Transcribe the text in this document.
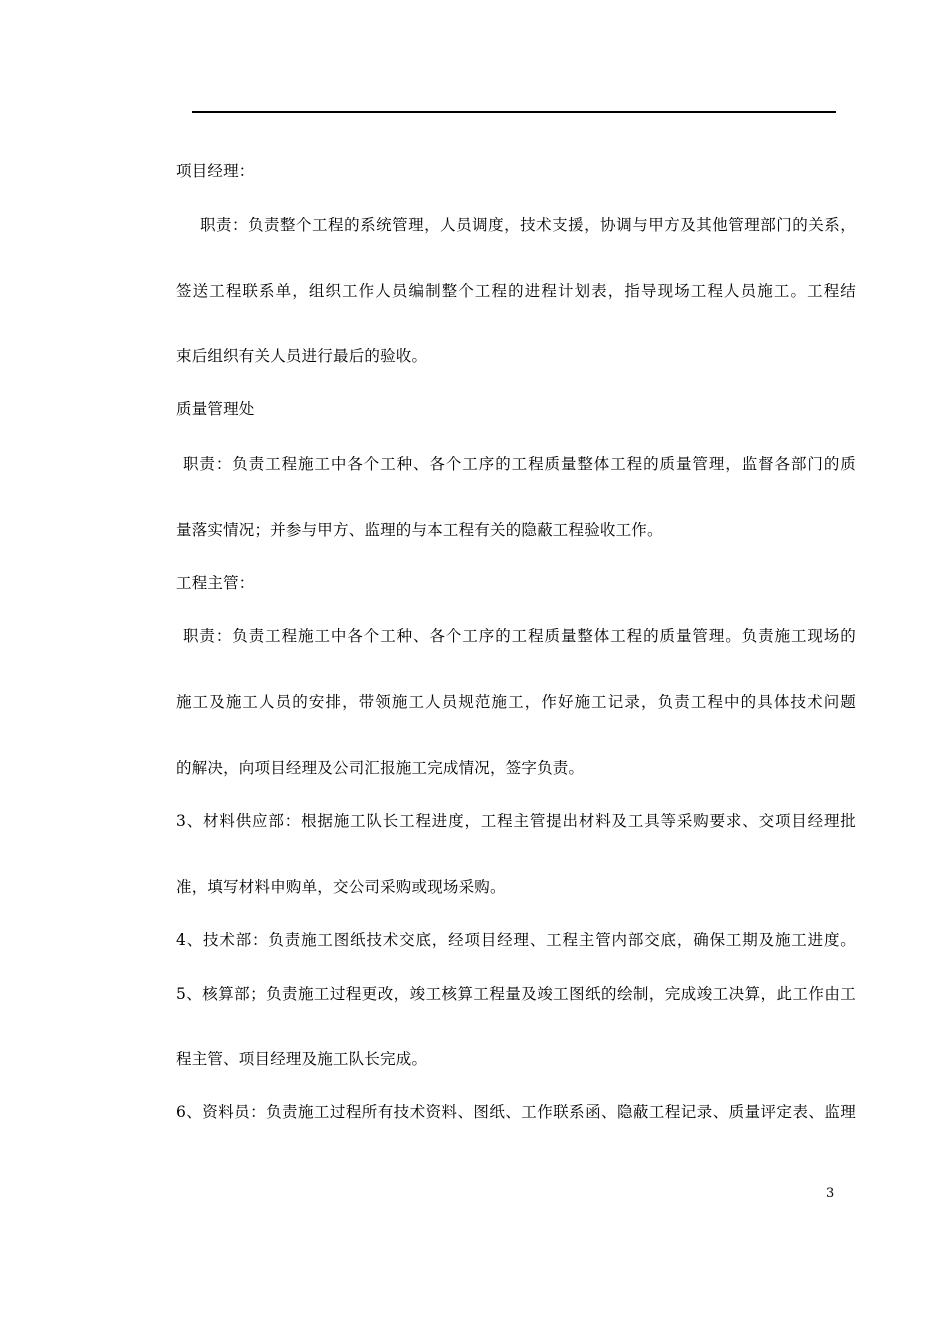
项目经理：
职责：负责整个工程的系统管理，人员调度，技术支援，协调与甲方及其他管理部门的关系，
签送工程联系单，组织工作人员编制整个工程的进程计划表，指导现场工程人员施工。工程结
束后组织有关人员进行最后的验收。
质量管理处
职责：负责工程施工中各个工种、各个工序的工程质量整体工程的质量管理，监督各部门的质
量落实情况；并参与甲方、监理的与本工程有关的隐蔽工程验收工作。
工程主管：
职责：负责工程施工中各个工种、各个工序的工程质量整体工程的质量管理。负责施工现场的
施工及施工人员的安排，带领施工人员规范施工，作好施工记录，负责工程中的具体技术问题
的解决，向项目经理及公司汇报施工完成情况，签字负责。
3、材料供应部：根据施工队长工程进度，工程主管提出材料及工具等采购要求、交项目经理批
准，填写材料申购单，交公司采购或现场采购。
4、技术部：负责施工图纸技术交底，经项目经理、工程主管内部交底，确保工期及施工进度。
5、核算部；负责施工过程更改，竣工核算工程量及竣工图纸的绘制，完成竣工决算，此工作由工
程主管、项目经理及施工队长完成。
6、资料员：负责施工过程所有技术资料、图纸、工作联系函、隐蔽工程记录、质量评定表、监理
3
